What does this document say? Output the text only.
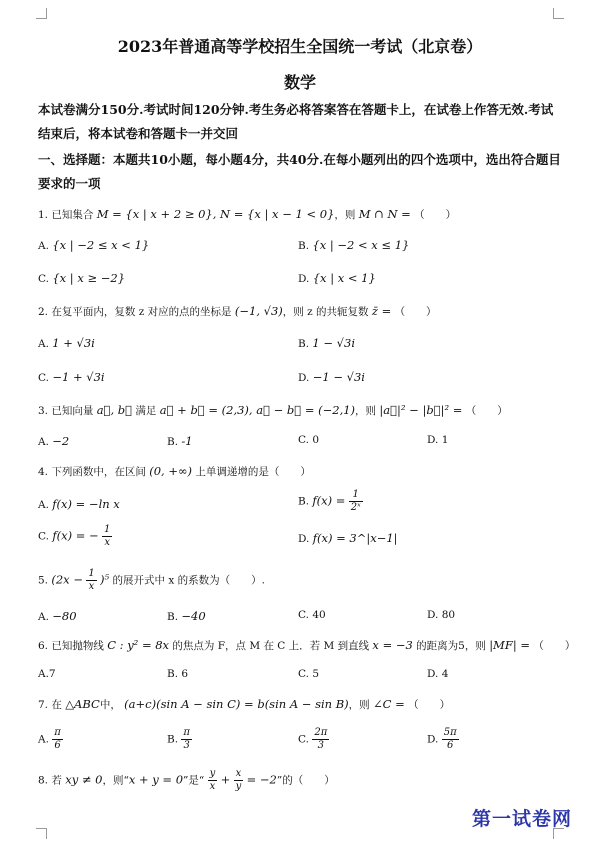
2023年普通高等学校招生全国统一考试（北京卷）
数学
本试卷满分150分.考试时间120分钟.考生务必将答案答在答题卡上，在试卷上作答无效.考试结束后，将本试卷和答题卡一并交回
一、选择题：本题共10小题，每小题4分，共40分.在每小题列出的四个选项中，选出符合题目要求的一项
1. 已知集合 M = {x | x + 2 ≥ 0}, N = {x | x − 1 < 0}，则 M ∩ N = （　　）
A. {x | −2 ≤ x < 1}	B. {x | −2 < x ≤ 1}
C. {x | x ≥ −2}	D. {x | x < 1}
2. 在复平面内，复数 z 对应的点的坐标是 (−1, √3)，则 z 的共轭复数 z̄ = （　　）
A. 1 + √3i	B. 1 − √3i
C. −1 + √3i	D. −1 − √3i
3. 已知向量 a⃗, b⃗ 满足 a⃗ + b⃗ = (2,3), a⃗ − b⃗ = (−2,1)，则 |a⃗|² − |b⃗|² = （　　）
A. −2	B. -1	C. 0	D. 1
4. 下列函数中，在区间 (0, +∞) 上单调递增的是（　　）
A. f(x) = −ln x	B. $f(x) = \frac{1}{\text{2ˣ}}$
C. f(x) = − $\frac{1}{x}$	D. f(x) = 3^|x−1|
5. $(2x - \frac{1}{x} )^5$ 的展开式中 x 的系数为（　　）.
A. −80	B. −40	C. 40	D. 80
6. 已知抛物线 C : y² = 8x 的焦点为 F，点 M 在 C 上．若 M 到直线 x = −3 的距离为5，则 |MF| = （　　）
A.7	B. 6	C. 5	D. 4
7. 在 △ABC中， (a+c)(sin A − sin C) = b(sin A − sin B)，则 ∠C = （　　）
A. $\frac{\pi}{6}$	B. $\frac{\pi}{3}$	C. $\frac{2\pi}{3}$	D. $\frac{5\pi}{6}$
8. 若 xy ≠ 0，则“x + y = 0”是“ $\frac{y}{x} + \frac{x}{y} = -2$”的（　　）
第一试卷网
